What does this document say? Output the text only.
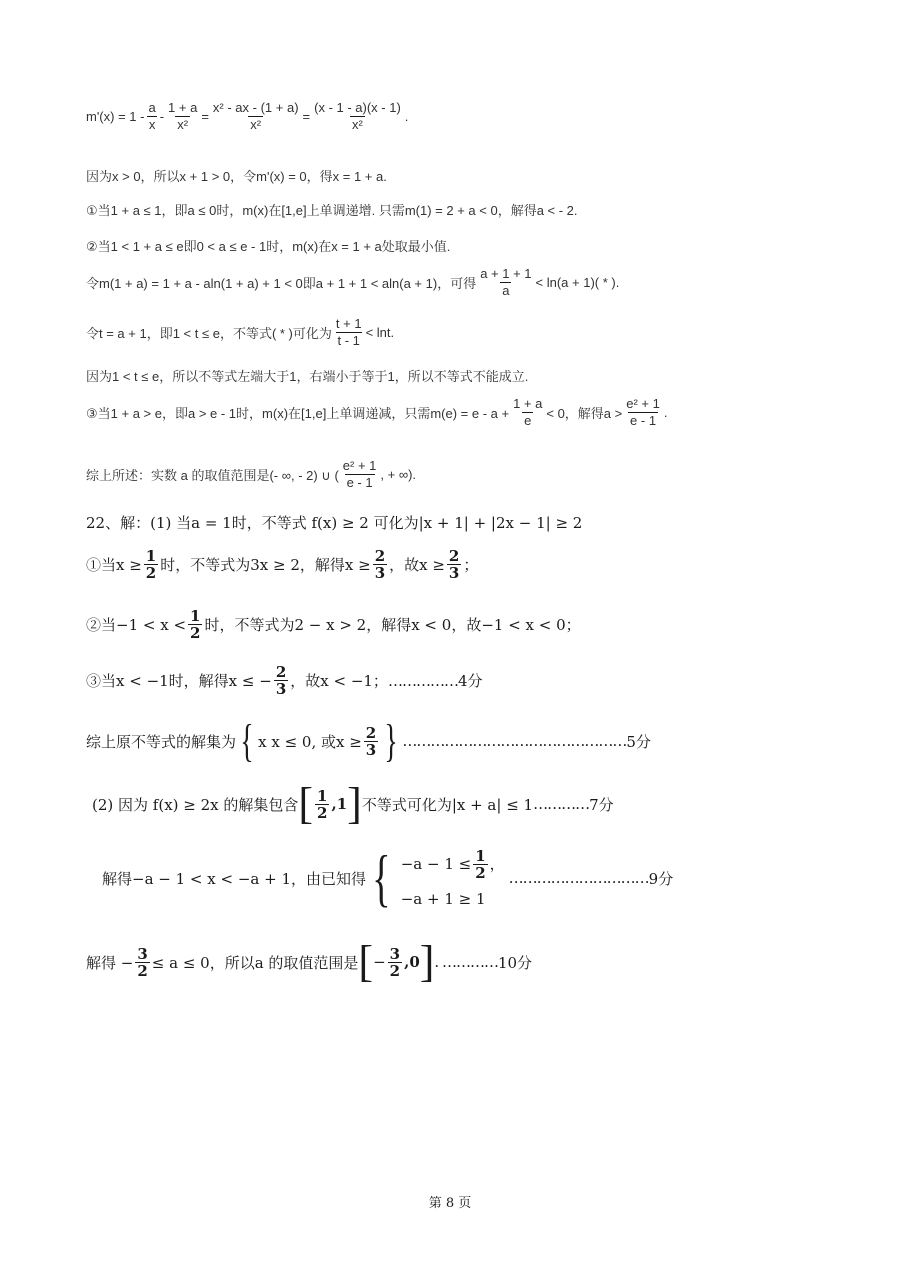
$m'(x) = 1 - \frac{a}{x} - \frac{1 + a}{\text{x²}} = \frac{\text{x² - ax - (1 + a)}}{\text{x²}} = \frac{(x - 1 - a)(x - 1)}{\text{x²}}$ .
因为x > 0，所以x + 1 > 0，令m'(x) = 0，得x = 1 + a.
①当1 + a ≤ 1，即a ≤ 0时，m(x)在[1,e]上单调递增. 只需m(1) = 2 + a < 0，解得a < - 2.
②当1 < 1 + a ≤ e即0 < a ≤ e - 1时，m(x)在x = 1 + a处取最小值.
令m(1 + a) = 1 + a - aln(1 + a) + 1 < 0即a + 1 + 1 < aln(a + 1)，可得 $\frac{a + 1 + 1}{a} < \ln(a + 1)$( * ).
令t = a + 1，即1 < t ≤ e，不等式( * )可化为 $\frac{t + 1}{t - 1} < \ln t$.
因为1 < t ≤ e，所以不等式左端大于1，右端小于等于1，所以不等式不能成立.
③当1 + a > e，即a > e - 1时，m(x)在[1,e]上单调递减，只需$m(e) = e - a + \frac{1 + a}{e} < 0$，解得$a > \frac{\text{e² + 1}}{e - 1}$ .
综上所述：实数 a 的取值范围是(- ∞, - 2) ∪ ( $\frac{\text{e² + 1}}{e - 1}$ , + ∞).
22、解：(1) 当a = 1时，不等式 f(x) ≥ 2 可化为|x + 1| + |2x − 1| ≥ 2
①当$x \ge \frac{1}{2}$ 时，不等式为3x ≥ 2，解得$x \ge \frac{2}{3}$ ，故$x \ge \frac{2}{3}$ ；
②当$-1 < x < \frac{1}{2}$ 时，不等式为2 − x > 2，解得x < 0，故−1 < x < 0；
③当x < −1时，解得x ≤ − $\frac{2}{3}$ ，故x < −1； …………… 4分
综上原不等式的解集为 { x x ≤ 0, 或$x \ge \frac{2}{3}$ } ………………………………………… 5分
(2) 因为 f(x) ≥ 2x 的解集包含 [ $\frac{1}{2} ,1$ ] 不等式可化为|x + a| ≤ 1 ………… 7分
解得−a − 1 < x < −a + 1，由已知得 { $-a - 1 \le \frac{1}{2}$ ，
−a + 1 ≥ 1
………………………… 9分
解得 − $\frac{3}{2} \le a \le 0$，所以a 的取值范围是 [ − $\frac{3}{2} ,0$ ] . ………… 10分
第 8 页
